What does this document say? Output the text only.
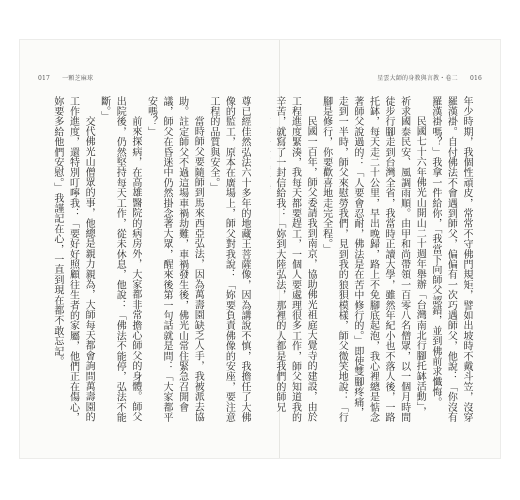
017 一顆芝麻球	星雲大師的身教與言教・卷二 016

年少時期，我個性頑皮，常常不守佛門規矩，譬如出坡時不戴斗笠，沒穿羅漢褂。自付佛法不會遇到師父，偏偏有一次巧遇師父，他說：「你沒有羅漢褂嗎？」我拿一件給你，「我當下向師父認錯，並到佛前求懺悔。

民國七十六年佛光山開山二十週年舉辦「台灣南北行腳托缽活動」，祈求國泰民安、風調雨順。由甲和尚帶領一百零八名僧眾，以一個月時間徒步行腳走到台灣全省，我當時正讀大學，雖然年紀小也不落人後，一路托缽，每天走二十公里，早出晚歸，路上不免腳底起泡，我心裡總是惦念著師父說過的：「人要會忍耐，佛法是在苦中修行的。」即使雙腳疼痛，走到一半時，師父來慰勞我們，見到我的狼狽模樣，師父微笑地說：「行腳是修行，你要歡喜地走完全程。」

民國一百年，師父委請我到南京，協助佛光祖庭大覺寺的建設，由於工程進度緊湊，我每天都要趕工，一個人要處理很多工作，師父知道我的辛苦，就寫了一封信給我：「妳到大陸弘法，那裡的人都是我們的師兄

尊已經佳然弘法六十多年的地藏王菩薩像，因為講說不慎，我擔任了大佛像的監工，原本在廣場上，師父對我說：「妳要負責佛像的安座，要注意工程的品質與安全。」

當時師父要隨師到馬來西亞弘法，因為萬壽園缺乏人手，我被派去協助。註定師父不過這場車禍劫難，車禍發生後，佛光山常住緊急召開會議，師父在昏迷中仍然掛念著大眾，醒來後第一句話就是問：「大家都平安嗎？」

前來探病，在高雄醫院的病房外，大家都非常擔心師父的身體。師父出院後，仍然堅持每天工作，從未休息，他說：「佛法不能停，弘法不能斷。」

交代佛光山僧眾的事，他總是親力親為，大師每天都會詢問萬壽園的工作進度，還特別叮嚀我：「要好好照顧往生者的家屬，他們正在傷心，妳要多給他們安慰。」我謹記在心，一直到現在都不敢忘記。
